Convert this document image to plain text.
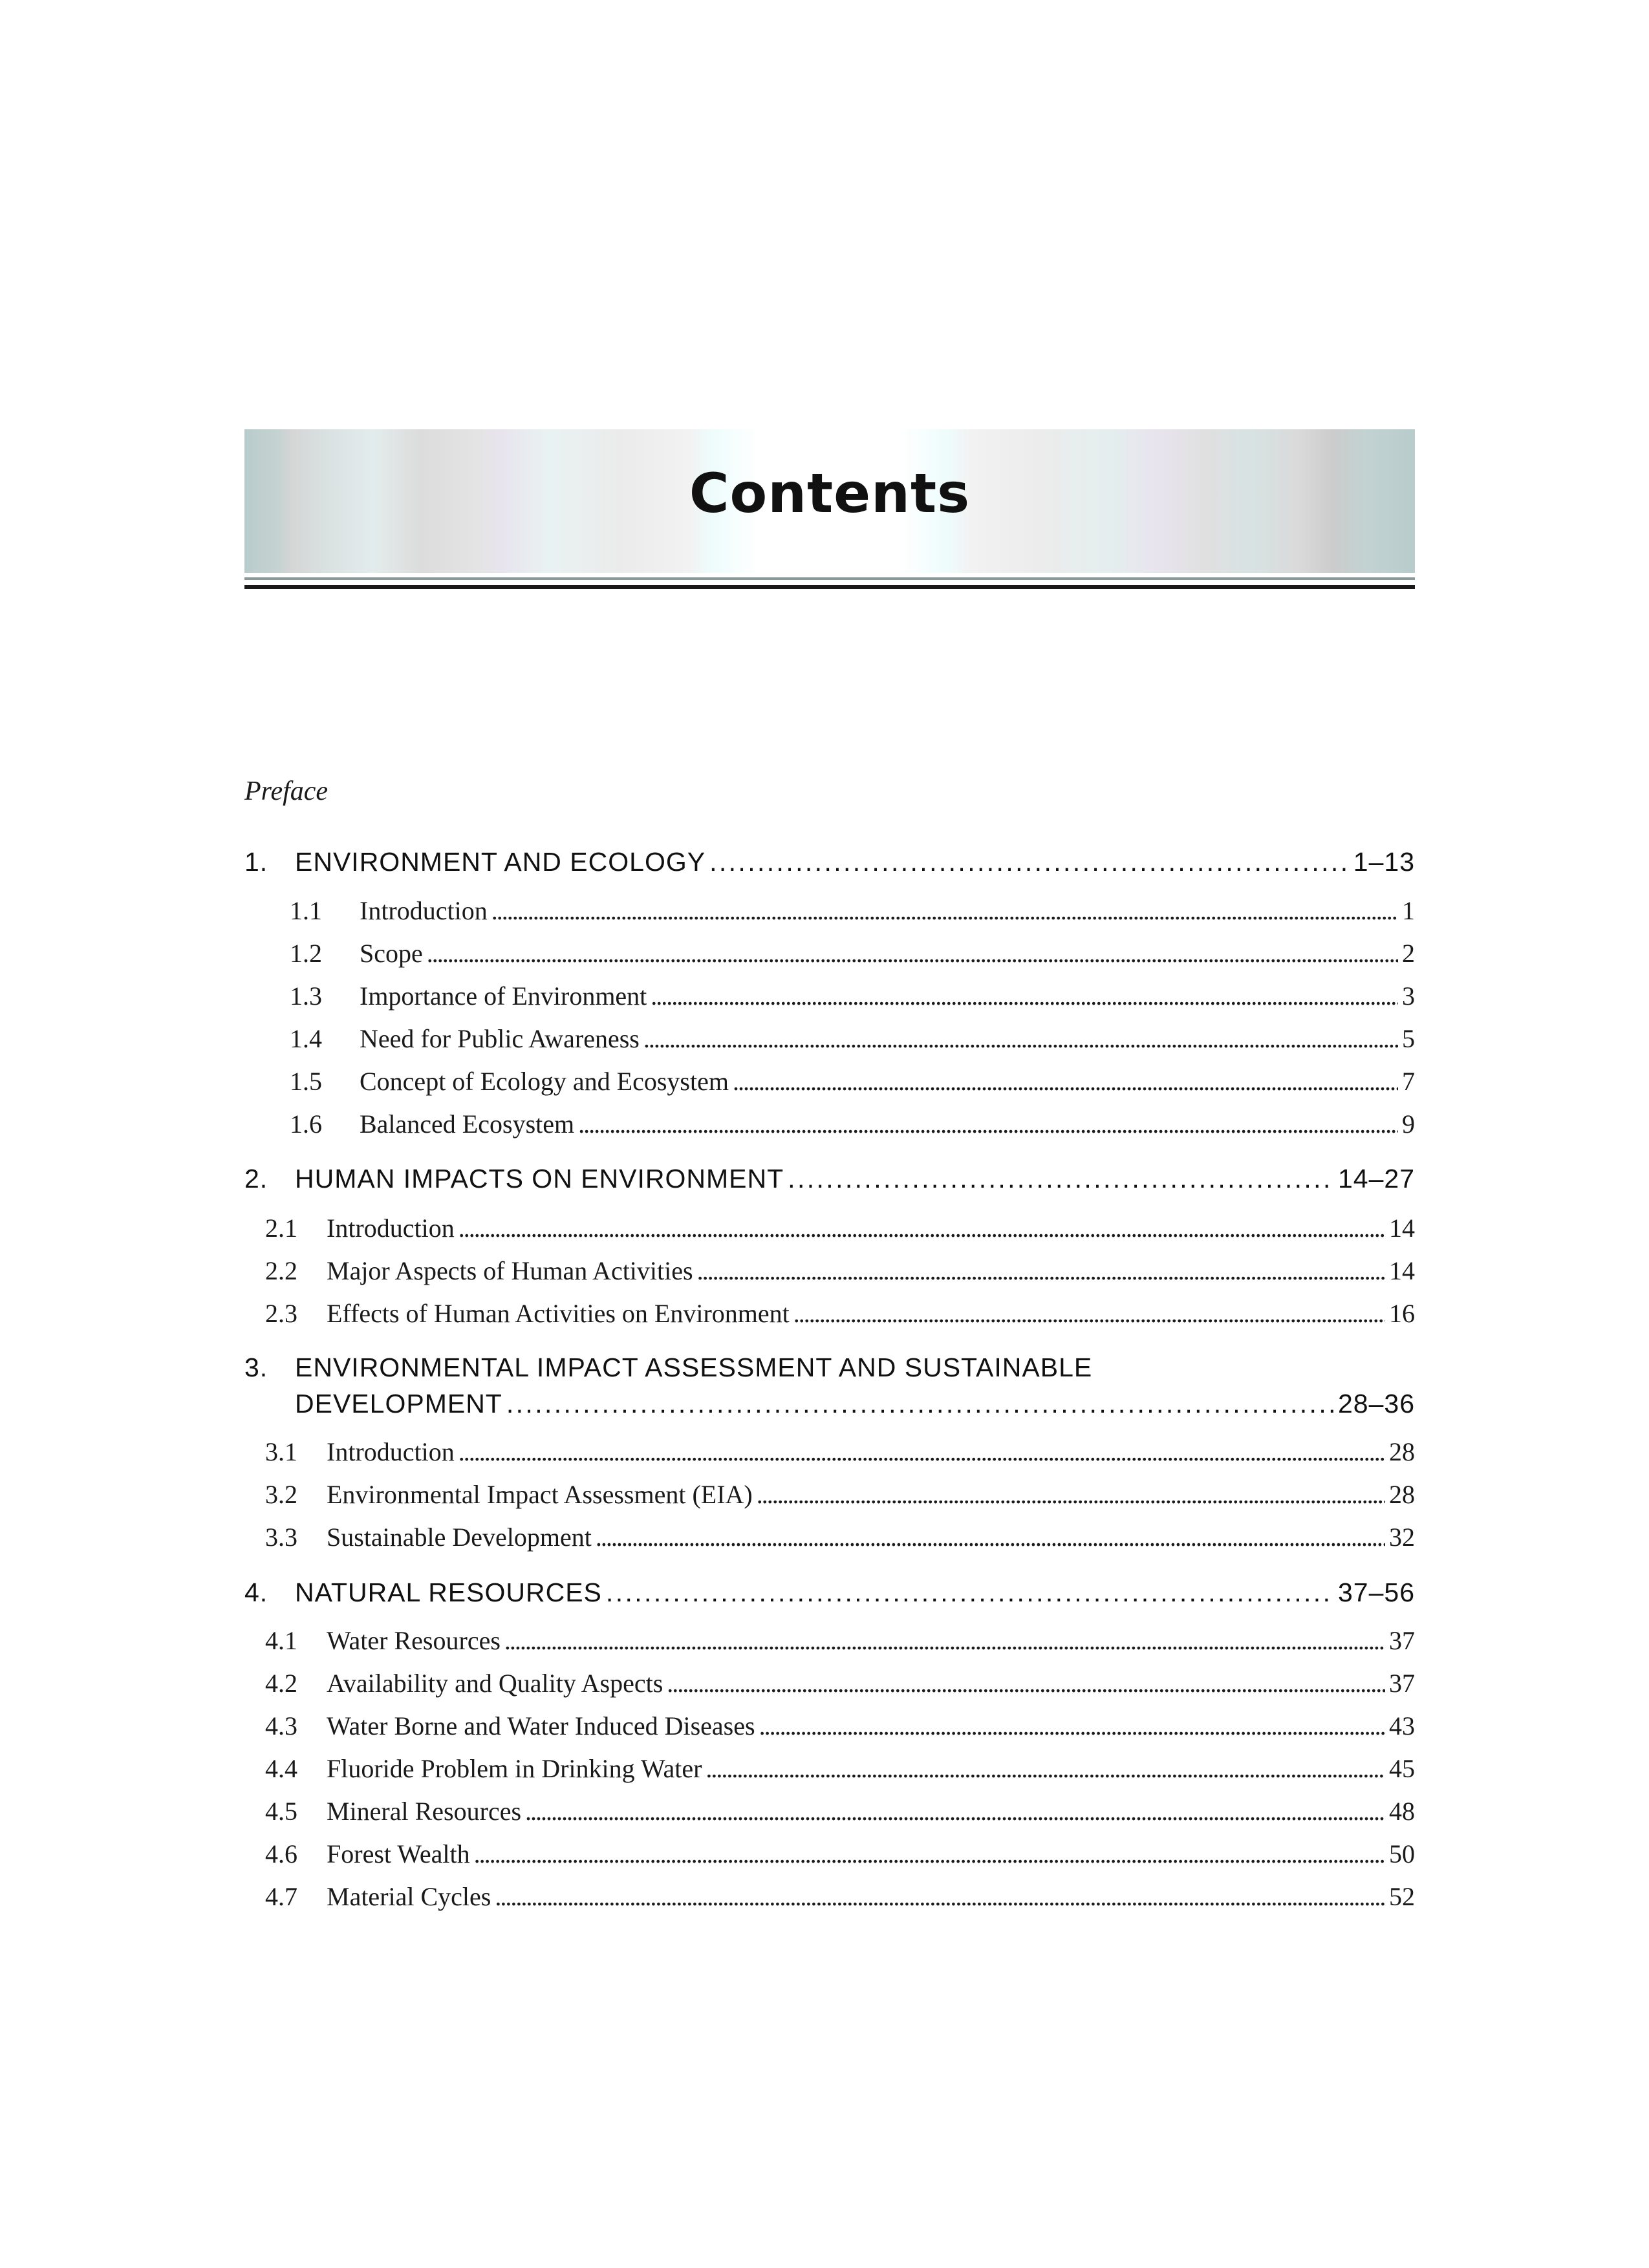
Contents
Preface
1.	ENVIRONMENT AND ECOLOGY . . .	1–13
1.1	Introduction . . .	1
1.2	Scope . . .	2
1.3	Importance of Environment . . .	3
1.4	Need for Public Awareness . . .	5
1.5	Concept of Ecology and Ecosystem . . .	7
1.6	Balanced Ecosystem . . .	9
2.	HUMAN IMPACTS ON ENVIRONMENT . . .	14–27
2.1	Introduction . . .	14
2.2	Major Aspects of Human Activities . . .	14
2.3	Effects of Human Activities on Environment . . .	16
3. ENVIRONMENTAL IMPACT ASSESSMENT AND SUSTAINABLE
DEVELOPMENT . . .	28–36
3.1	Introduction . . .	28
3.2	Environmental Impact Assessment (EIA) . . .	28
3.3	Sustainable Development . . .	32
4.	NATURAL RESOURCES . . .	37–56
4.1	Water Resources . . .	37
4.2	Availability and Quality Aspects . . .	37
4.3	Water Borne and Water Induced Diseases . . .	43
4.4	Fluoride Problem in Drinking Water . . .	45
4.5	Mineral Resources . . .	48
4.6	Forest Wealth . . .	50
4.7	Material Cycles . . .	52
